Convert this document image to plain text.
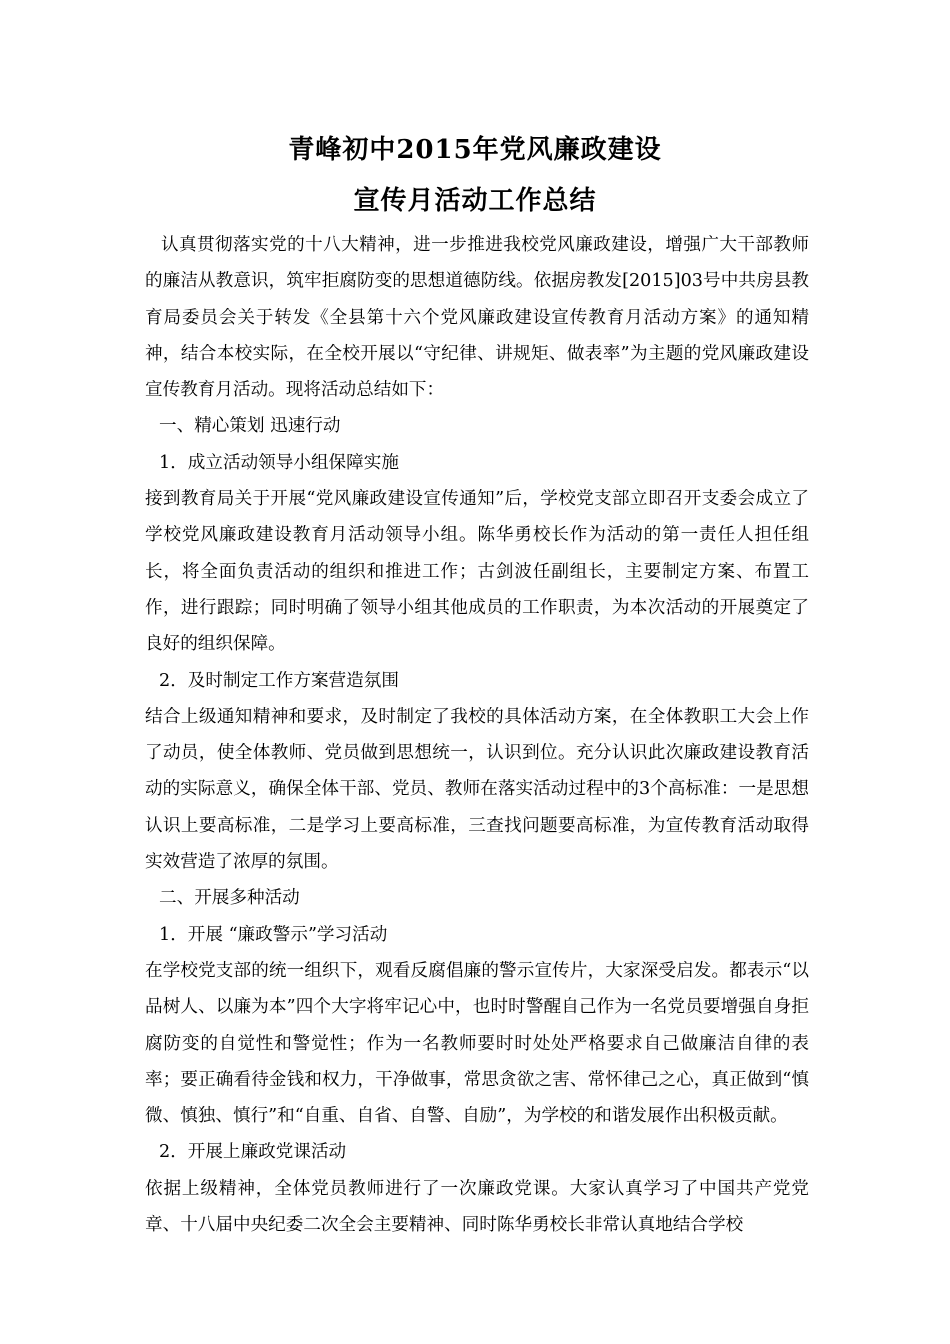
青峰初中2015年党风廉政建设
宣传月活动工作总结

认真贯彻落实党的十八大精神，进一步推进我校党风廉政建设，增强广大干部教师的廉洁从教意识，筑牢拒腐防变的思想道德防线。依据房教发[2015]03号中共房县教育局委员会关于转发《全县第十六个党风廉政建设宣传教育月活动方案》的通知精神，结合本校实际，在全校开展以“守纪律、讲规矩、做表率”为主题的党风廉政建设宣传教育月活动。现将活动总结如下：

一、精心策划 迅速行动

1．成立活动领导小组保障实施

接到教育局关于开展“党风廉政建设宣传通知”后，学校党支部立即召开支委会成立了学校党风廉政建设教育月活动领导小组。陈华勇校长作为活动的第一责任人担任组长，将全面负责活动的组织和推进工作；古剑波任副组长，主要制定方案、布置工作，进行跟踪；同时明确了领导小组其他成员的工作职责，为本次活动的开展奠定了良好的组织保障。

2．及时制定工作方案营造氛围

结合上级通知精神和要求，及时制定了我校的具体活动方案，在全体教职工大会上作了动员，使全体教师、党员做到思想统一，认识到位。充分认识此次廉政建设教育活动的实际意义，确保全体干部、党员、教师在落实活动过程中的3个高标准：一是思想认识上要高标准，二是学习上要高标准，三查找问题要高标准，为宣传教育活动取得实效营造了浓厚的氛围。

二、开展多种活动

1．开展 “廉政警示”学习活动

在学校党支部的统一组织下，观看反腐倡廉的警示宣传片，大家深受启发。都表示“以品树人、以廉为本”四个大字将牢记心中，也时时警醒自己作为一名党员要增强自身拒腐防变的自觉性和警觉性；作为一名教师要时时处处严格要求自己做廉洁自律的表率；要正确看待金钱和权力，干净做事，常思贪欲之害、常怀律己之心，真正做到“慎微、慎独、慎行”和“自重、自省、自警、自励”，为学校的和谐发展作出积极贡献。

2．开展上廉政党课活动

依据上级精神，全体党员教师进行了一次廉政党课。大家认真学习了中国共产党党章、十八届中央纪委二次全会主要精神、同时陈华勇校长非常认真地结合学校
